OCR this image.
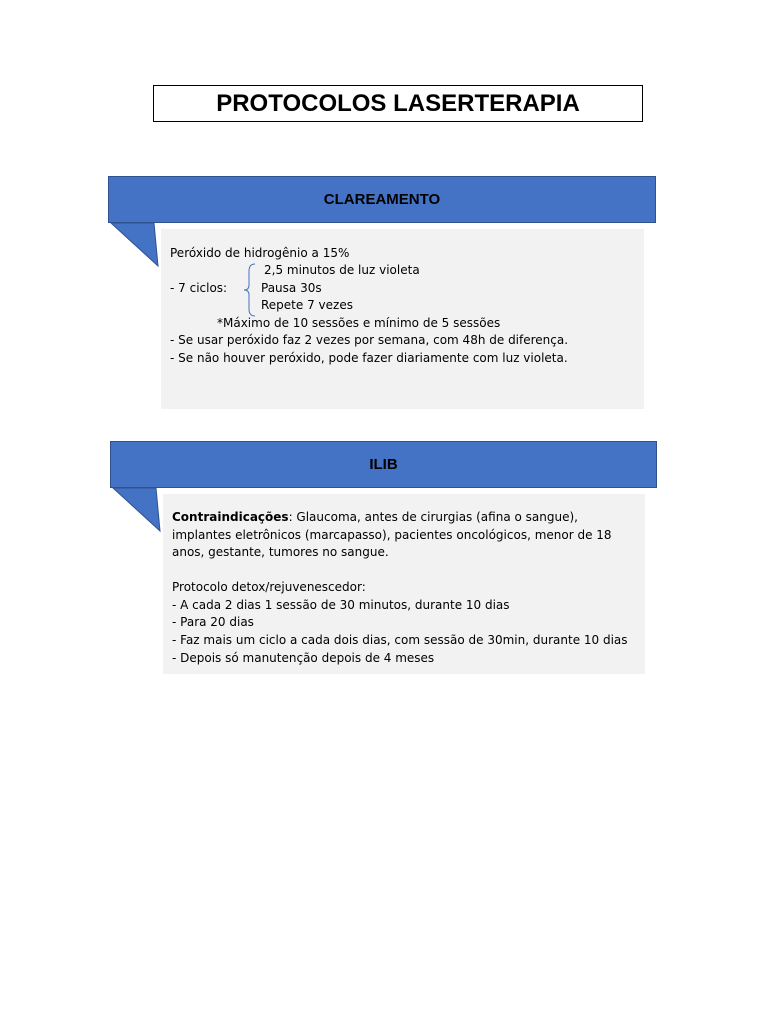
PROTOCOLOS LASERTERAPIA
CLAREAMENTO
Peróxido de hidrogênio a 15%
2,5 minutos de luz violeta
- 7 ciclos:	Pausa 30s
Repete 7 vezes
*Máximo de 10 sessões e mínimo de 5 sessões
- Se usar peróxido faz 2 vezes por semana, com 48h de diferença.
- Se não houver peróxido, pode fazer diariamente com luz violeta.
ILIB

Contraindicações: Glaucoma, antes de cirurgias (afina o sangue), implantes eletrônicos (marcapasso), pacientes oncológicos, menor de 18 anos, gestante, tumores no sangue.

Protocolo detox/rejuvenescedor:
- A cada 2 dias 1 sessão de 30 minutos, durante 10 dias
- Para 20 dias
- Faz mais um ciclo a cada dois dias, com sessão de 30min, durante 10 dias
- Depois só manutenção depois de 4 meses
